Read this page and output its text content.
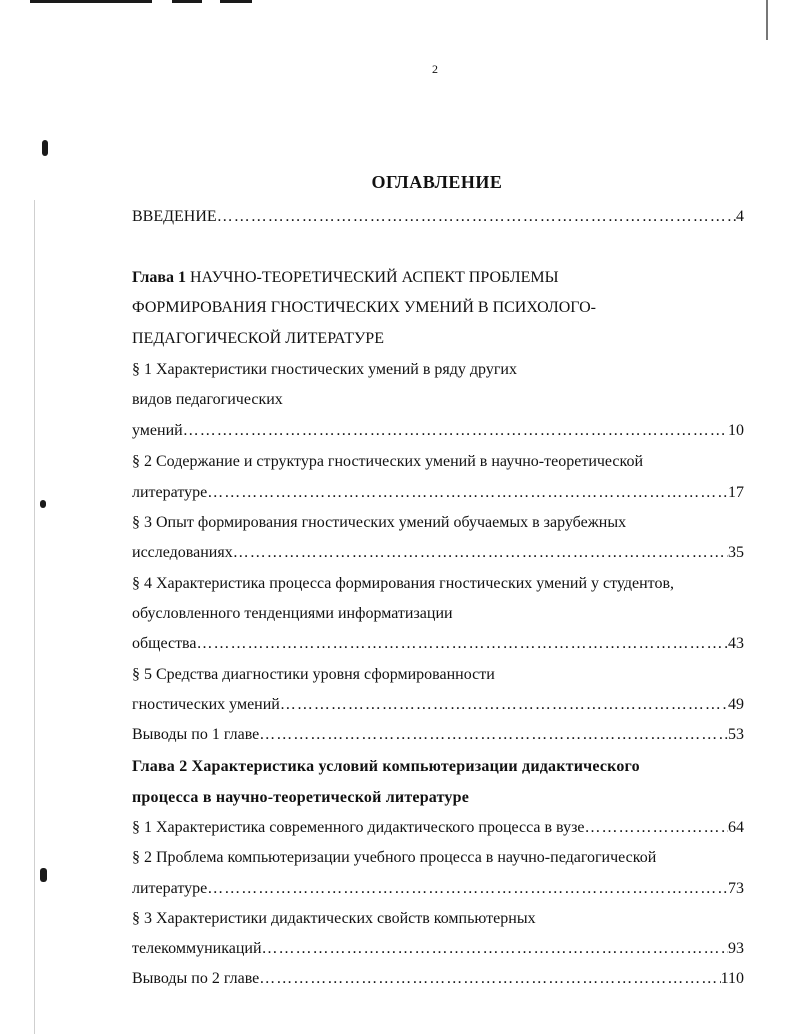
2
ОГЛАВЛЕНИЕ
ВВЕДЕНИЕ …………………………………………………………………………………………………………………………………………………………	4
Глава 1 НАУЧНО-ТЕОРЕТИЧЕСКИЙ АСПЕКТ ПРОБЛЕМЫ
ФОРМИРОВАНИЯ ГНОСТИЧЕСКИХ УМЕНИЙ В ПСИХОЛОГО-
ПЕДАГОГИЧЕСКОЙ ЛИТЕРАТУРЕ
§ 1 Характеристики гностических умений в ряду других
видов педагогических
умений …………………………………………………………………………………………………………………………………………………………	10
§ 2 Содержание и структура гностических умений в научно-теоретической
литературе …………………………………………………………………………………………………………………………………………………………	17
§ 3 Опыт формирования гностических умений обучаемых в зарубежных
исследованиях …………………………………………………………………………………………………………………………………………………………	35
§ 4 Характеристика процесса формирования гностических умений у студентов,
обусловленного тенденциями информатизации
общества …………………………………………………………………………………………………………………………………………………………	43
§ 5 Средства диагностики уровня сформированности
гностических умений …………………………………………………………………………………………………………………………………………………………	49
Выводы по 1 главе …………………………………………………………………………………………………………………………………………………………	53
Глава 2 Характеристика условий компьютеризации дидактического
процесса в научно-теоретической литературе
§ 1 Характеристика современного дидактического процесса в вузе …………………………………………………………………………………………………………………………………………………………	64
§ 2 Проблема компьютеризации учебного процесса в научно-педагогической
литературе …………………………………………………………………………………………………………………………………………………………	73
§ 3 Характеристики дидактических свойств компьютерных
телекоммуникаций …………………………………………………………………………………………………………………………………………………………	93
Выводы по 2 главе …………………………………………………………………………………………………………………………………………………………	110
